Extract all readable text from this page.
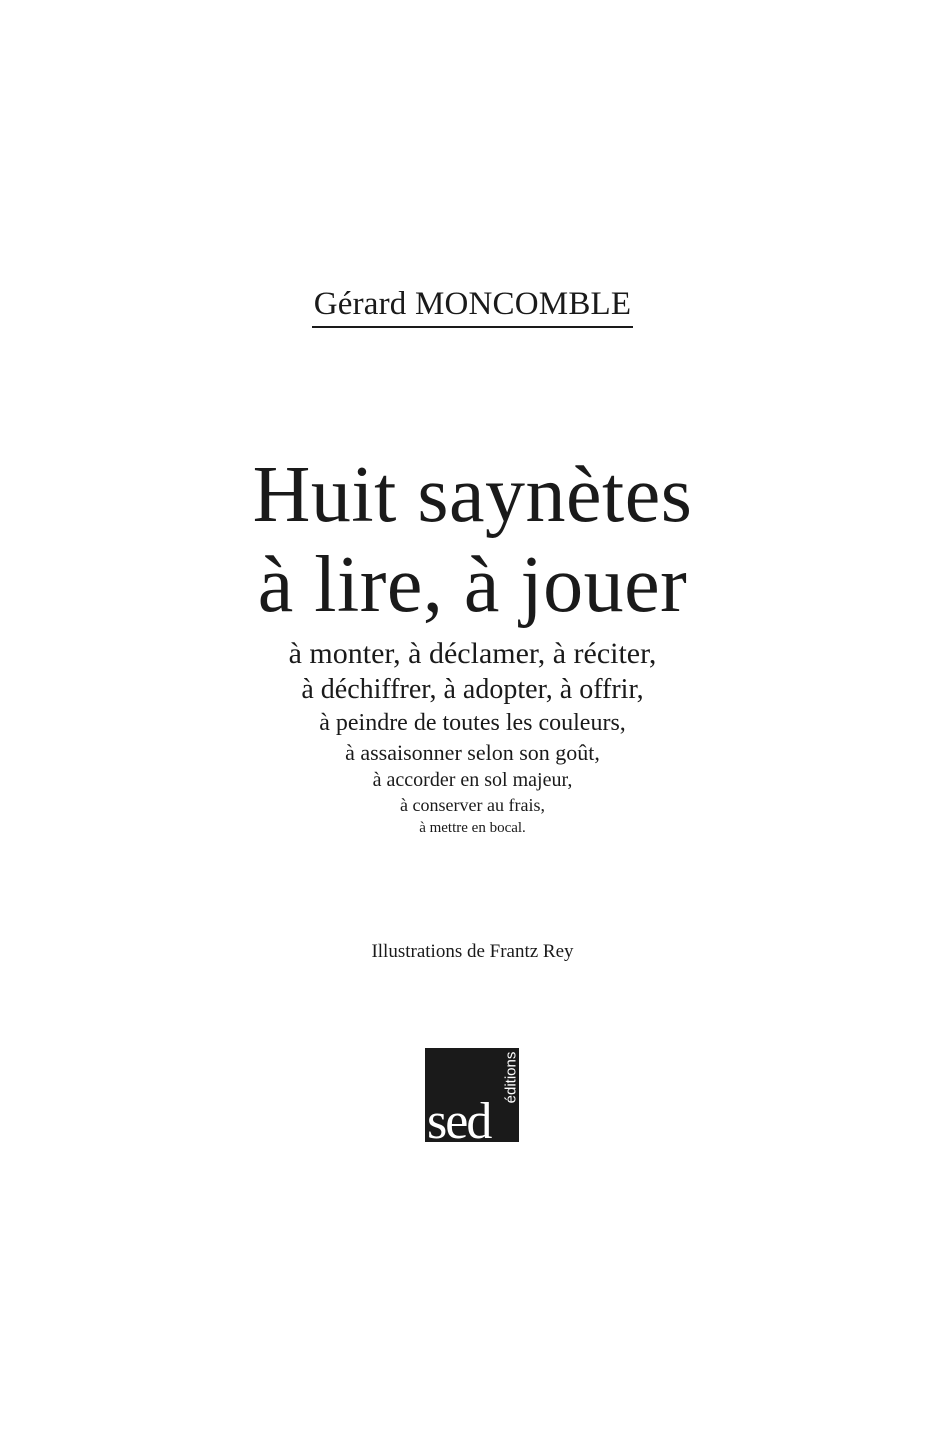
Gérard MONCOMBLE
Huit saynètes
à lire, à jouer
à monter, à déclamer, à réciter,
à déchiffrer, à adopter, à offrir,
à peindre de toutes les couleurs,
à assaisonner selon son goût,
à accorder en sol majeur,
à conserver au frais,
à mettre en bocal.
Illustrations de Frantz Rey
éditions
sed
